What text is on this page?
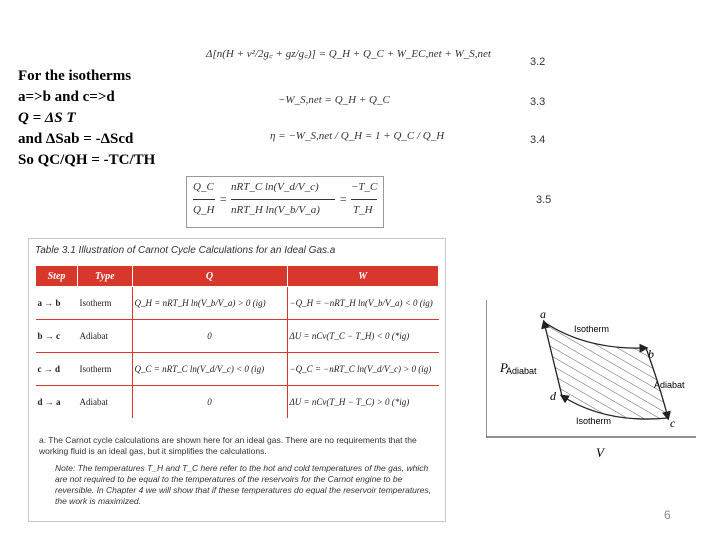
For the isotherms
a=>b and c=>d
Q = ΔS T
and ΔSab = -ΔScd
So QC/QH = -TC/TH
Δ[n(H + v²/2g꜀ + gz/g꜀)] = Q_H + Q_C + W_EC,net + W_S,net
3.2
−W_S,net = Q_H + Q_C	3.3
η = −W_S,net / Q_H = 1 + Q_C / Q_H	3.4
Q_C
Q_H
=
nRT_C ln(V_d/V_c)
nRT_H ln(V_b/V_a)
=
−T_C
T_H
3.5
Table 3.1 Illustration of Carnot Cycle Calculations for an Ideal Gas.a
Step	Type	Q	W
a → b	Isotherm	Q_H = nRT_H ln(V_b/V_a) > 0 (ig)	−Q_H = −nRT_H ln(V_b/V_a) < 0 (ig)
b → c	Adiabat	0	ΔU = nCv(T_C − T_H) < 0 (*ig)
c → d	Isotherm	Q_C = nRT_C ln(V_d/V_c) < 0 (ig)	−Q_C = −nRT_C ln(V_d/V_c) > 0 (ig)
d → a	Adiabat	0	ΔU = nCv(T_H − T_C) > 0 (*ig)
a. The Carnot cycle calculations are shown here for an ideal gas. There are no requirements that the working fluid is an ideal gas, but it simplifies the calculations.
Note: The temperatures T_H and T_C here refer to the hot and cold temperatures of the gas, which are not required to be equal to the temperatures of the reservoirs for the Carnot engine to be reversible. In Chapter 4 we will show that if these temperatures do equal the reservoir temperatures, the work is maximized.
P
V
a
b
c
d
Isotherm
Isotherm
Adiabat
Adiabat
6
